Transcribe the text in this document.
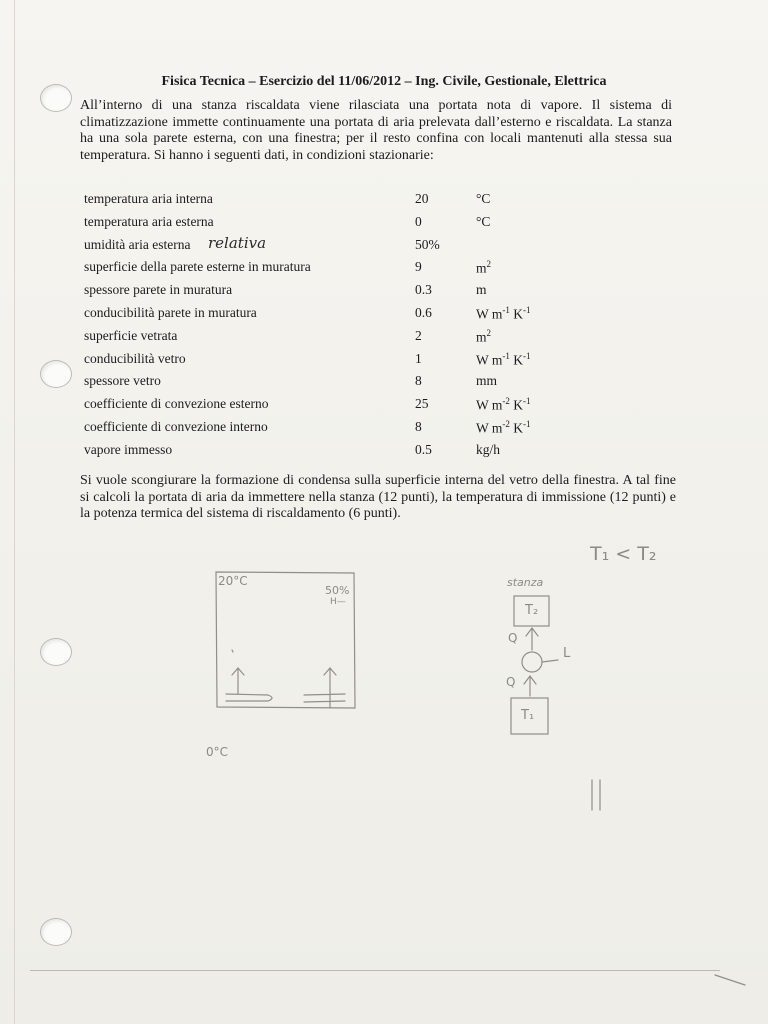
Fisica Tecnica – Esercizio del 11/06/2012 – Ing. Civile, Gestionale, Elettrica
All’interno di una stanza riscaldata viene rilasciata una portata nota di vapore. Il sistema di climatizzazione immette continuamente una portata di aria prelevata dall’esterno e riscaldata. La stanza ha una sola parete esterna, con una finestra; per il resto confina con locali mantenuti alla stessa sua temperatura. Si hanno i seguenti dati, in condizioni stazionarie:
temperatura aria interna	20	°C
temperatura aria esterna	0	°C
umidità aria esterna relativa	50%
superficie della parete esterne in muratura	9	$m^2$
spessore parete in muratura	0.3	m
conducibilità parete in muratura	0.6	W $m^{-1}$ $K^{-1}$
superficie vetrata	2	$m^2$
conducibilità vetro	1	W $m^{-1}$ $K^{-1}$
spessore vetro	8	mm
coefficiente di convezione esterno	25	W $m^{-2}$ $K^{-1}$
coefficiente di convezione interno	8	W $m^{-2}$ $K^{-1}$
vapore immesso	0.5	kg/h
Si vuole scongiurare la formazione di condensa sulla superficie interna del vetro della finestra. A tal fine si calcoli la portata di aria da immettere nella stanza (12 punti), la temperatura di immissione (12 punti) e la potenza termica del sistema di riscaldamento (6 punti).
T₁ < T₂
20°C
50%
H—
0°C
stanza
T₂
T₁
Q
Q
L
